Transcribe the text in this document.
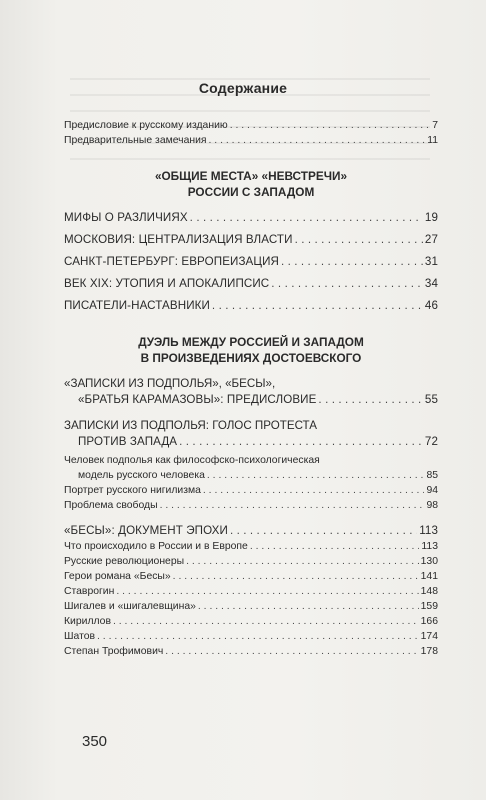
Содержание
Предисловие к русскому изданию . . .	7
Предварительные замечания . . .	11
«ОБЩИЕ МЕСТА» «НЕВСТРЕЧИ»
РОССИИ С ЗАПАДОМ
МИФЫ О РАЗЛИЧИЯХ . . .	19
МОСКОВИЯ: ЦЕНТРАЛИЗАЦИЯ ВЛАСТИ . . .	27
САНКТ-ПЕТЕРБУРГ: ЕВРОПЕИЗАЦИЯ . . .	31
ВЕК XIX: УТОПИЯ И АПОКАЛИПСИС . . .	34
ПИСАТЕЛИ-НАСТАВНИКИ . . .	46
ДУЭЛЬ МЕЖДУ РОССИЕЙ И ЗАПАДОМ
В ПРОИЗВЕДЕНИЯХ ДОСТОЕВСКОГО
«ЗАПИСКИ ИЗ ПОДПОЛЬЯ», «БЕСЫ»,
«БРАТЬЯ КАРАМАЗОВЫ»: ПРЕДИСЛОВИЕ . . .	55
ЗАПИСКИ ИЗ ПОДПОЛЬЯ: ГОЛОС ПРОТЕСТА
ПРОТИВ ЗАПАДА . . .	72
Человек подполья как философско-психологическая
модель русского человека . . .	85
Портрет русского нигилизма . . .	94
Проблема свободы . . .	98
«БЕСЫ»: ДОКУМЕНТ ЭПОХИ . . .	113
Что происходило в России и в Европе . . .	113
Русские революционеры . . .	130
Герои романа «Бесы» . . .	141
Ставрогин . . .	148
Шигалев и «шигалевщина» . . .	159
Кириллов . . .	166
Шатов . . .	174
Степан Трофимович . . .	178
350
